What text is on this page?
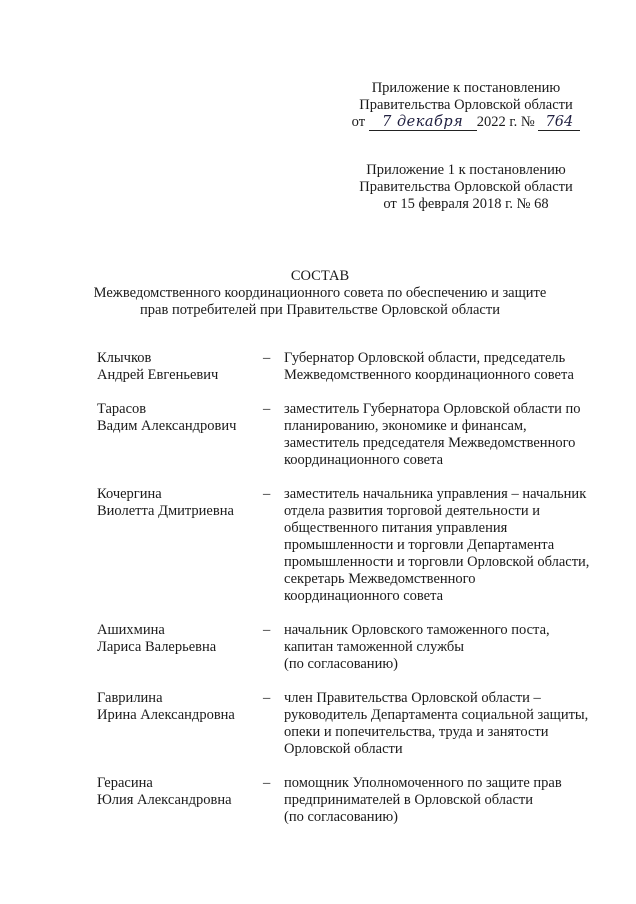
Приложение к постановлению
Правительства Орловской области
от 7 декабря 2022 г. № 764
Приложение 1 к постановлению
Правительства Орловской области
от 15 февраля 2018 г. № 68
СОСТАВ
Межведомственного координационного совета по обеспечению и защите
прав потребителей при Правительстве Орловской области
Клычков
Андрей Евгеньевич
– Губернатор Орловской области, председатель
Межведомственного координационного совета
Тарасов
Вадим Александрович
– заместитель Губернатора Орловской области по
планированию, экономике и финансам,
заместитель председателя Межведомственного
координационного совета
Кочергина
Виолетта Дмитриевна
– заместитель начальника управления – начальник
отдела развития торговой деятельности и
общественного питания управления
промышленности и торговли Департамента
промышленности и торговли Орловской области,
секретарь Межведомственного
координационного совета
Ашихмина
Лариса Валерьевна
– начальник Орловского таможенного поста,
капитан таможенной службы
(по согласованию)
Гаврилина
Ирина Александровна
– член Правительства Орловской области –
руководитель Департамента социальной защиты,
опеки и попечительства, труда и занятости
Орловской области
Герасина
Юлия Александровна
– помощник Уполномоченного по защите прав
предпринимателей в Орловской области
(по согласованию)
